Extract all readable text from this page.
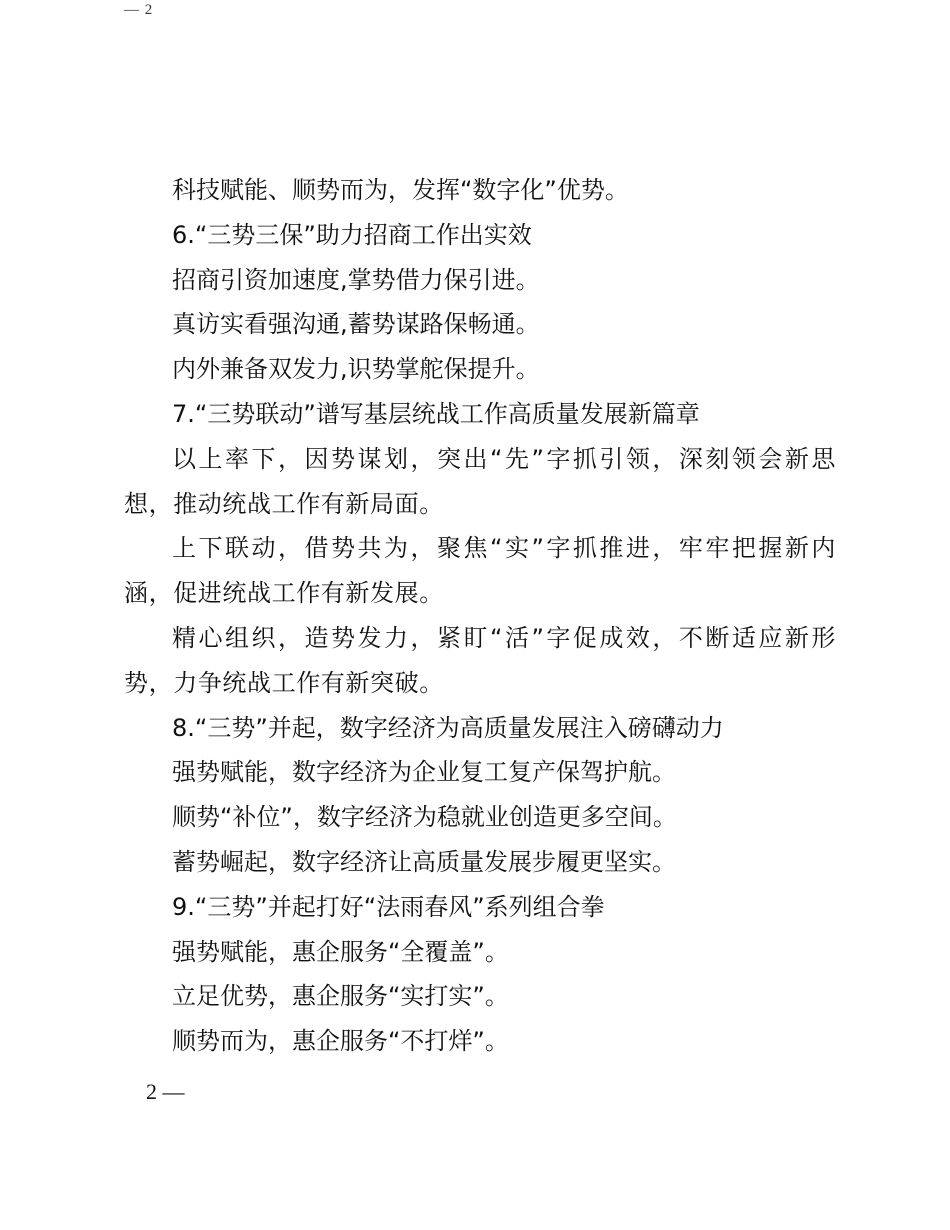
— 2

科技赋能、顺势而为，发挥“数字化”优势。

6.“三势三保”助力招商工作出实效

招商引资加速度,掌势借力保引进。

真访实看强沟通,蓄势谋路保畅通。

内外兼备双发力,识势掌舵保提升。

7.“三势联动”谱写基层统战工作高质量发展新篇章

以上率下，因势谋划，突出“先”字抓引领，深刻领会新思想，推动统战工作有新局面。

上下联动，借势共为，聚焦“实”字抓推进，牢牢把握新内涵，促进统战工作有新发展。

精心组织，造势发力，紧盯“活”字促成效，不断适应新形势，力争统战工作有新突破。

8.“三势”并起，数字经济为高质量发展注入磅礴动力

强势赋能，数字经济为企业复工复产保驾护航。

顺势“补位”，数字经济为稳就业创造更多空间。

蓄势崛起，数字经济让高质量发展步履更坚实。

9.“三势”并起打好“法雨春风”系列组合拳

强势赋能，惠企服务“全覆盖”。

立足优势，惠企服务“实打实”。

顺势而为，惠企服务“不打烊”。

2 —
